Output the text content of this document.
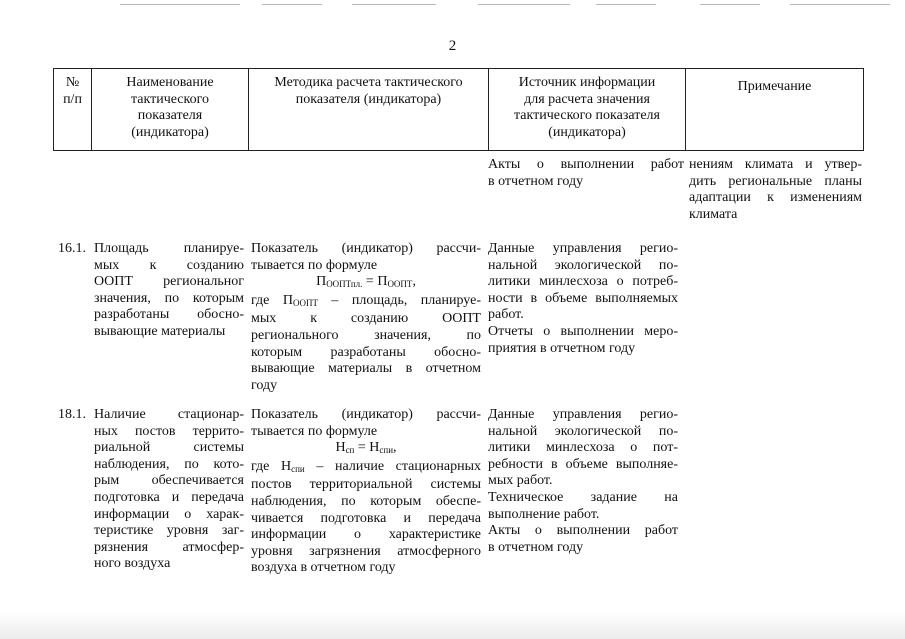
2
№
п/п
Наименование
тактического
показателя
(индикатора)
Методика расчета тактического
показателя (индикатора)
Источник информации
для расчета значения
тактического показателя
(индикатора)
Примечание
Акты о выполнении работ
в отчетном году
нениям климата и утвер-
дить региональные планы
адаптации к изменениям
климата
16.1. Площадь планируе-
мых к созданию
ООПТ региональног
значения, по которым
разработаны обосно-
вывающие материалы
Показатель (индикатор) рассчи-
тывается по формуле
$П_{ООПТпл.} = П_{ООПТ}$,
где $П_{ООПТ}$ – площадь, планируе-
мых к созданию ООПТ
регионального значения, по
которым разработаны обосно-
вывающие материалы в отчетном
году
Данные управления регио-
нальной экологической по-
литики минлесхоза о потреб-
ности в объеме выполняемых
работ.
Отчеты о выполнении меро-
приятия в отчетном году
18.1. Наличие стационар-
ных постов террито-
риальной системы
наблюдения, по кото-
рым обеспечивается
подготовка и передача
информации о харак-
теристике уровня заг-
рязнения атмосфер-
ного воздуха
Показатель (индикатор) рассчи-
тывается по формуле
$Н_{сп} = Н_{спи}$,
где $Н_{спи}$ – наличие стационарных
постов территориальной системы
наблюдения, по которым обеспе-
чивается подготовка и передача
информации о характеристике
уровня загрязнения атмосферного
воздуха в отчетном году
Данные управления регио-
нальной экологической по-
литики минлесхоза о пот-
ребности в объеме выполняе-
мых работ.
Техническое задание на
выполнение работ.
Акты о выполнении работ
в отчетном году
